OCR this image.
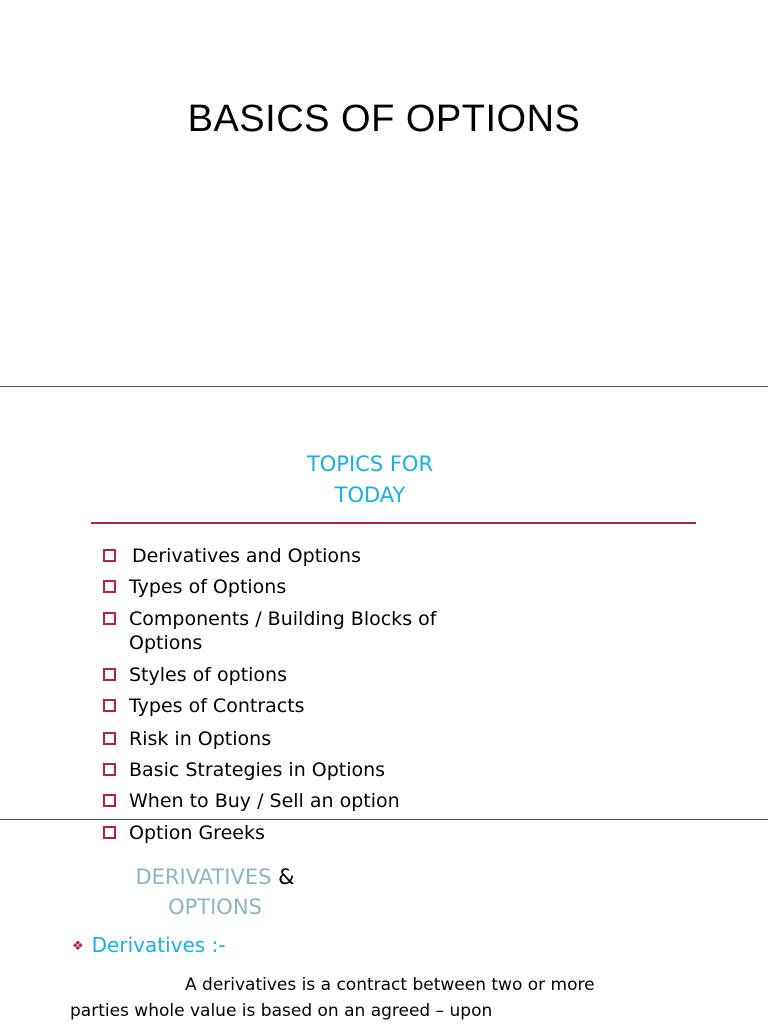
BASICS OF OPTIONS
TOPICS FOR
TODAY
Derivatives and Options
Types of Options
Components / Building Blocks of
Options
Styles of options
Types of Contracts
Risk in Options
Basic Strategies in Options
When to Buy / Sell an option
Option Greeks
DERIVATIVES &
OPTIONS
❖ Derivatives :-
A derivatives is a contract between two or more
parties whole value is based on an agreed – upon
